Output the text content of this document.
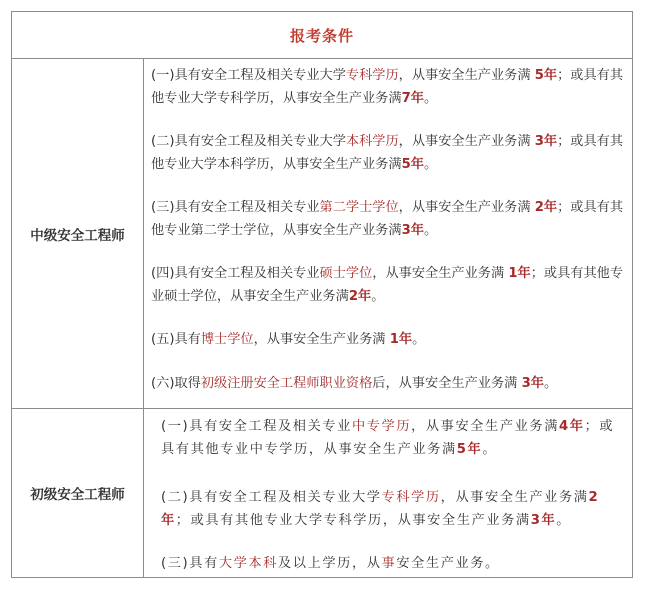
报考条件
中级安全工程师
(一)具有安全工程及相关专业大学专科学历，从事安全生产业务满 5年；或具有其他专业大学专科学历，从事安全生产业务满7年。
(二)具有安全工程及相关专业大学本科学历，从事安全生产业务满 3年；或具有其他专业大学本科学历，从事安全生产业务满5年。
(三)具有安全工程及相关专业第二学士学位，从事安全生产业务满 2年；或具有其他专业第二学士学位，从事安全生产业务满3年。
(四)具有安全工程及相关专业硕士学位，从事安全生产业务满 1年；或具有其他专业硕士学位，从事安全生产业务满2年。
(五)具有博士学位，从事安全生产业务满 1年。
(六)取得初级注册安全工程师职业资格后，从事安全生产业务满 3年。
初级安全工程师
(一)具有安全工程及相关专业中专学历，从事安全生产业务满4年；或具有其他专业中专学历，从事安全生产业务满5年。
(二)具有安全工程及相关专业大学专科学历，从事安全生产业务满2年；或具有其他专业大学专科学历，从事安全生产业务满3年。
(三)具有大学本科及以上学历，从事安全生产业务。
